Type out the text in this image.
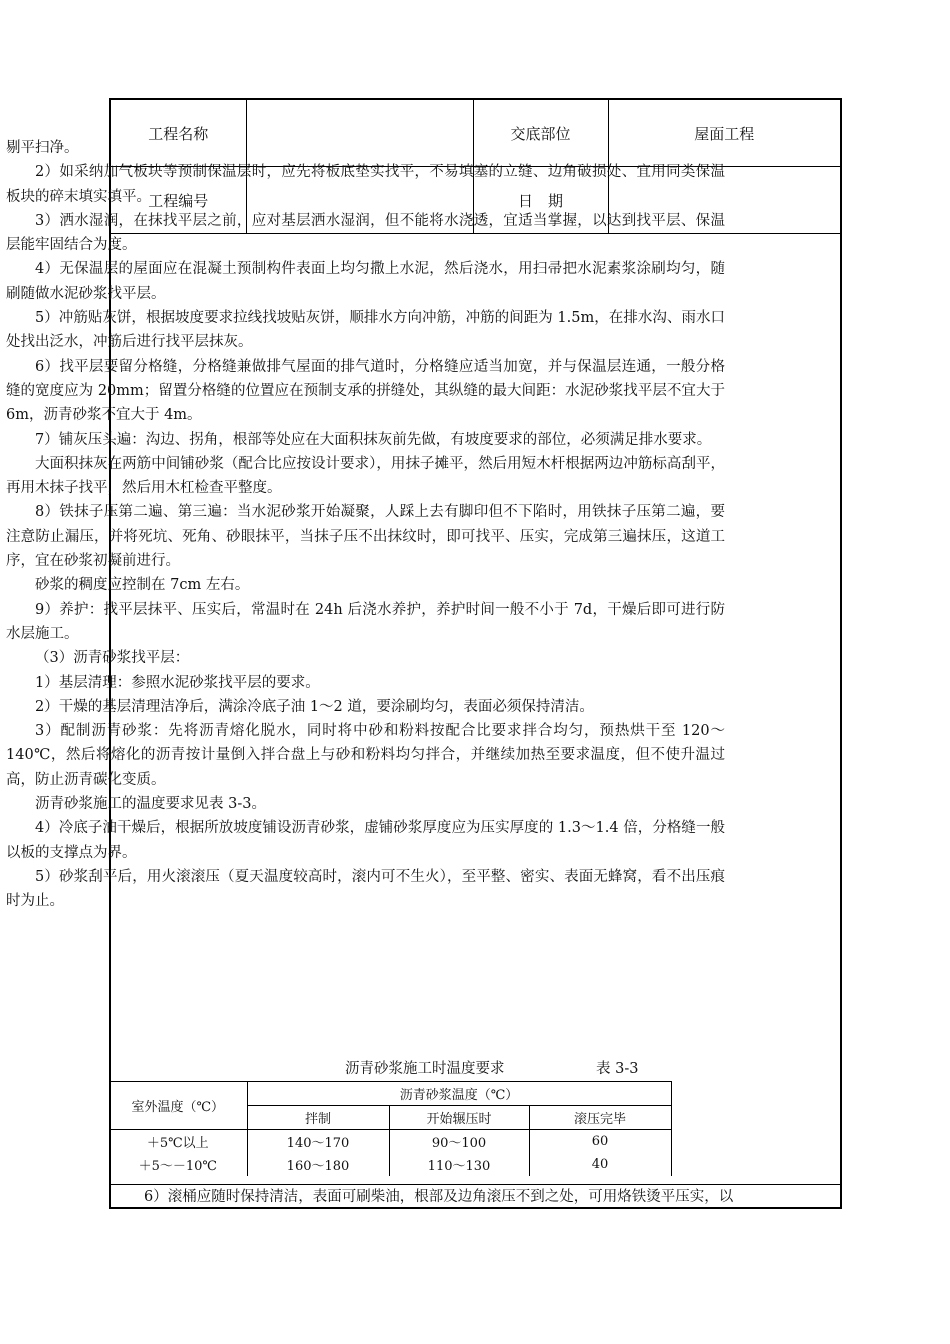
工程名称		交底部位	屋面工程
工程编号		日　期	

剔平扫净。

2）如采纳加气板块等预制保温层时，应先将板底垫实找平，不易填塞的立缝、边角破损处、宜用同类保温板块的碎末填实填平。

3）洒水湿润，在抹找平层之前，应对基层洒水湿润，但不能将水浇透，宜适当掌握，以达到找平层、保温层能牢固结合为度。

4）无保温层的屋面应在混凝土预制构件表面上均匀撒上水泥，然后浇水，用扫帚把水泥素浆涂刷均匀，随刷随做水泥砂浆找平层。

5）冲筋贴灰饼，根据坡度要求拉线找坡贴灰饼，顺排水方向冲筋，冲筋的间距为 1.5m，在排水沟、雨水口处找出泛水，冲筋后进行找平层抹灰。

6）找平层要留分格缝，分格缝兼做排气屋面的排气道时，分格缝应适当加宽，并与保温层连通，一般分格缝的宽度应为 20mm；留置分格缝的位置应在预制支承的拼缝处，其纵缝的最大间距：水泥砂浆找平层不宜大于 6m，沥青砂浆不宜大于 4m。

7）铺灰压头遍：沟边、拐角，根部等处应在大面积抹灰前先做，有坡度要求的部位，必须满足排水要求。

大面积抹灰在两筋中间铺砂浆（配合比应按设计要求），用抹子摊平，然后用短木杆根据两边冲筋标高刮平，再用木抹子找平，然后用木杠检查平整度。

8）铁抹子压第二遍、第三遍：当水泥砂浆开始凝聚，人踩上去有脚印但不下陷时，用铁抹子压第二遍，要注意防止漏压，并将死坑、死角、砂眼抹平，当抹子压不出抹纹时，即可找平、压实，完成第三遍抹压，这道工序，宜在砂浆初凝前进行。

砂浆的稠度应控制在 7cm 左右。

9）养护：找平层抹平、压实后，常温时在 24h 后浇水养护，养护时间一般不小于 7d，干燥后即可进行防水层施工。

（3）沥青砂浆找平层：

1）基层清理：参照水泥砂浆找平层的要求。

2）干燥的基层清理洁净后，满涂冷底子油 1～2 道，要涂刷均匀，表面必须保持清洁。

3）配制沥青砂浆：先将沥青熔化脱水，同时将中砂和粉料按配合比要求拌合均匀，预热烘干至 120～140℃，然后将熔化的沥青按计量倒入拌合盘上与砂和粉料均匀拌合，并继续加热至要求温度，但不使升温过高，防止沥青碳化变质。

沥青砂浆施工的温度要求见表 3-3。

4）冷底子油干燥后，根据所放坡度铺设沥青砂浆，虚铺砂浆厚度应为压实厚度的 1.3～1.4 倍，分格缝一般以板的支撑点为界。

5）砂浆刮平后，用火滚滚压（夏天温度较高时，滚内可不生火），至平整、密实、表面无蜂窝，看不出压痕时为止。

沥青砂浆施工时温度要求	表 3-3
室外温度（℃）	沥青砂浆温度（℃）		
	拌制	开始辗压时	滚压完毕
＋5℃以上	140～170	90～100	60
＋5～－10℃	160～180	110～130	40

6）滚桶应随时保持清洁，表面可刷柴油，根部及边角滚压不到之处，可用烙铁烫平压实，以
